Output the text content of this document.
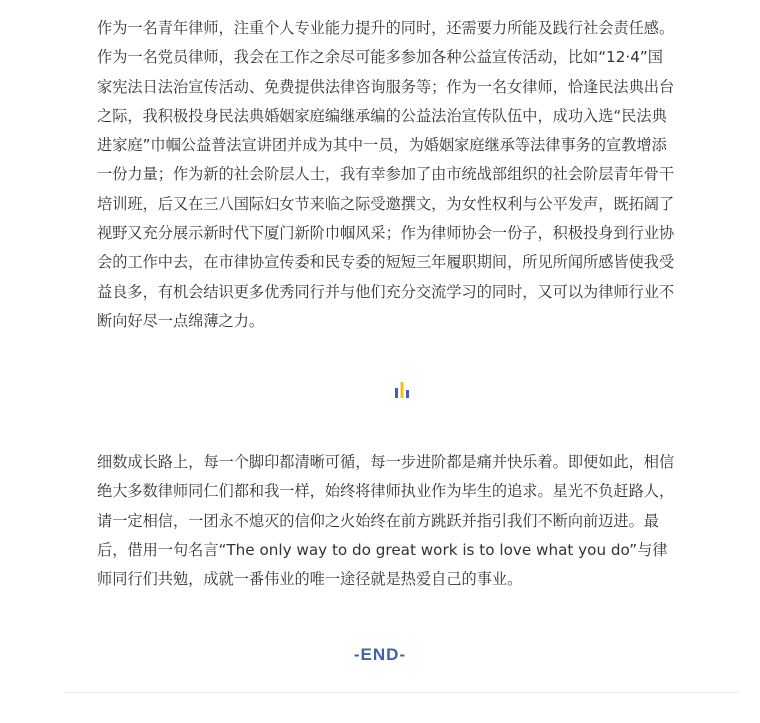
作为一名青年律师，注重个人专业能力提升的同时，还需要力所能及践行社会责任感。
作为一名党员律师，我会在工作之余尽可能多参加各种公益宣传活动，比如“12·4”国
家宪法日法治宣传活动、免费提供法律咨询服务等；作为一名女律师，恰逢民法典出台
之际，我积极投身民法典婚姻家庭编继承编的公益法治宣传队伍中，成功入选“民法典
进家庭”巾帼公益普法宣讲团并成为其中一员，为婚姻家庭继承等法律事务的宣教增添
一份力量；作为新的社会阶层人士，我有幸参加了由市统战部组织的社会阶层青年骨干
培训班，后又在三八国际妇女节来临之际受邀撰文，为女性权利与公平发声，既拓阔了
视野又充分展示新时代下厦门新阶巾帼风采；作为律师协会一份子，积极投身到行业协
会的工作中去，在市律协宣传委和民专委的短短三年履职期间，所见所闻所感皆使我受
益良多，有机会结识更多优秀同行并与他们充分交流学习的同时，又可以为律师行业不
断向好尽一点绵薄之力。
细数成长路上，每一个脚印都清晰可循，每一步进阶都是痛并快乐着。即便如此，相信
绝大多数律师同仁们都和我一样，始终将律师执业作为毕生的追求。星光不负赶路人，
请一定相信，一团永不熄灭的信仰之火始终在前方跳跃并指引我们不断向前迈进。最
后，借用一句名言“The only way to do great work is to love what you do”与律
师同行们共勉，成就一番伟业的唯一途径就是热爱自己的事业。
-END-
